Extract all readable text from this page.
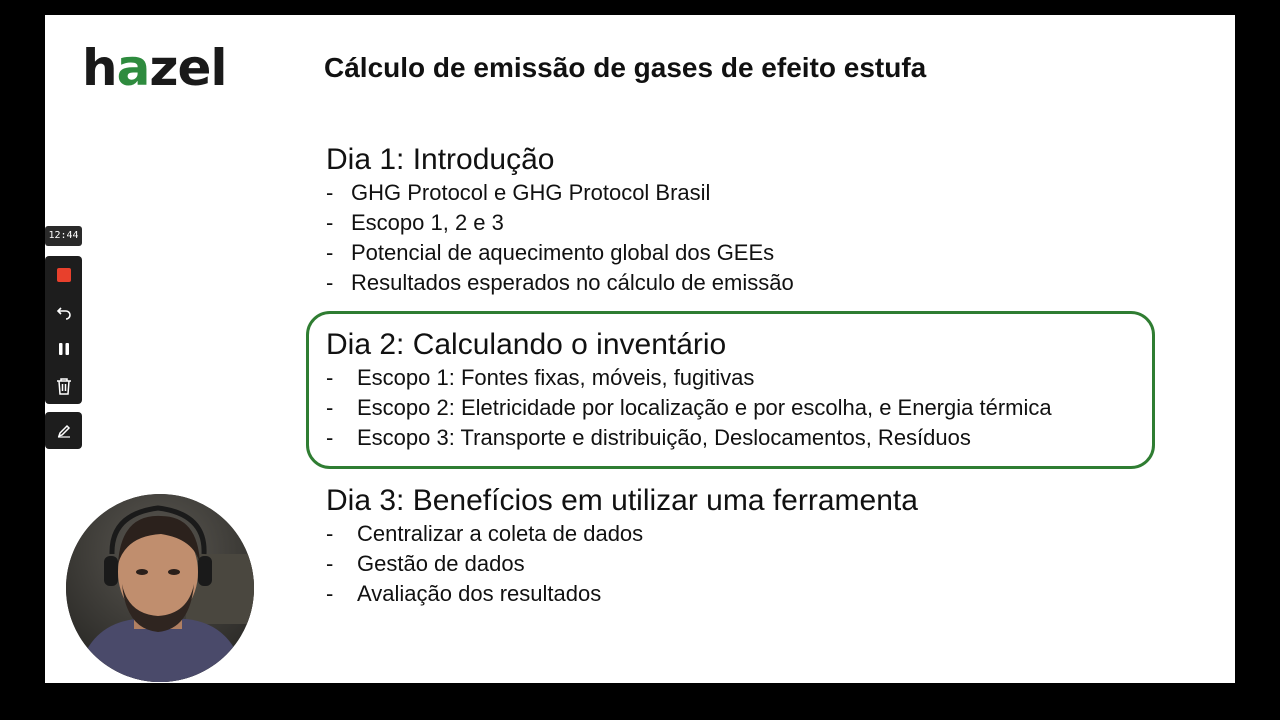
hazel	Cálculo de emissão de gases de efeito estufa
Dia 1: Introdução
- GHG Protocol e GHG Protocol Brasil
- Escopo 1, 2 e 3
- Potencial de aquecimento global dos GEEs
- Resultados esperados no cálculo de emissão
Dia 2: Calculando o inventário
-	Escopo 1: Fontes fixas, móveis, fugitivas
-	Escopo 2: Eletricidade por localização e por escolha, e Energia térmica
-	Escopo 3: Transporte e distribuição, Deslocamentos, Resíduos
Dia 3: Benefícios em utilizar uma ferramenta
-	Centralizar a coleta de dados
-	Gestão de dados
-	Avaliação dos resultados
12:44
